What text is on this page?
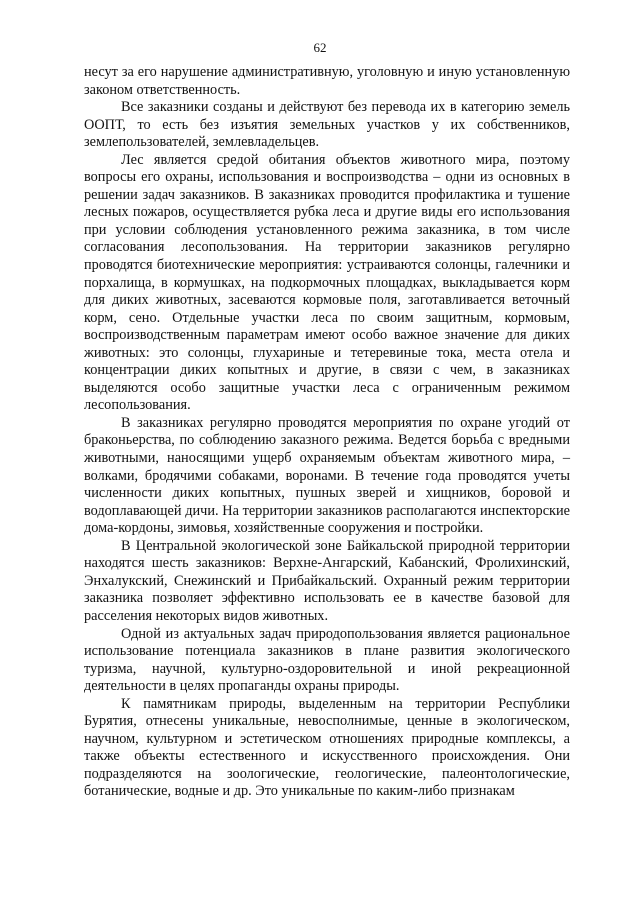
62

несут за его нарушение административную, уголовную и иную установленную законом ответственность.

Все заказники созданы и действуют без перевода их в категорию земель ООПТ, то есть без изъятия земельных участков у их собственников, землепользователей, землевладельцев.

Лес является средой обитания объектов животного мира, поэтому вопросы его охраны, использования и воспроизводства – одни из основных в решении задач заказников. В заказниках проводится профилактика и тушение лесных пожаров, осуществляется рубка леса и другие виды его использования при условии соблюдения установленного режима заказника, в том числе согласования лесопользования. На территории заказников регулярно проводятся биотехнические мероприятия: устраиваются солонцы, галечники и порхалища, в кормушках, на подкормочных площадках, выкладывается корм для диких животных, засеваются кормовые поля, заготавливается веточный корм, сено. Отдельные участки леса по своим защитным, кормовым, воспроизводственным параметрам имеют особо важное значение для диких животных: это солонцы, глухариные и тетеревиные тока, места отела и концентрации диких копытных и другие, в связи с чем, в заказниках выделяются особо защитные участки леса с ограниченным режимом лесопользования.

В заказниках регулярно проводятся мероприятия по охране угодий от браконьерства, по соблюдению заказного режима. Ведется борьба с вредными животными, наносящими ущерб охраняемым объектам животного мира, – волками, бродячими собаками, воронами. В течение года проводятся учеты численности диких копытных, пушных зверей и хищников, боровой и водоплавающей дичи. На территории заказников располагаются инспекторские дома-кордоны, зимовья, хозяйственные сооружения и постройки.

В Центральной экологической зоне Байкальской природной территории находятся шесть заказников: Верхне-Ангарский, Кабанский, Фролихинский, Энхалукский, Снежинский и Прибайкальский. Охранный режим территории заказника позволяет эффективно использовать ее в качестве базовой для расселения некоторых видов животных.

Одной из актуальных задач природопользования является рациональное использование потенциала заказников в плане развития экологического туризма, научной, культурно-оздоровительной и иной рекреационной деятельности в целях пропаганды охраны природы.

К памятникам природы, выделенным на территории Республики Бурятия, отнесены уникальные, невосполнимые, ценные в экологическом, научном, культурном и эстетическом отношениях природные комплексы, а также объекты естественного и искусственного происхождения. Они подразделяются на зоологические, геологические, палеонтологические, ботанические, водные и др. Это уникальные по каким-либо признакам
